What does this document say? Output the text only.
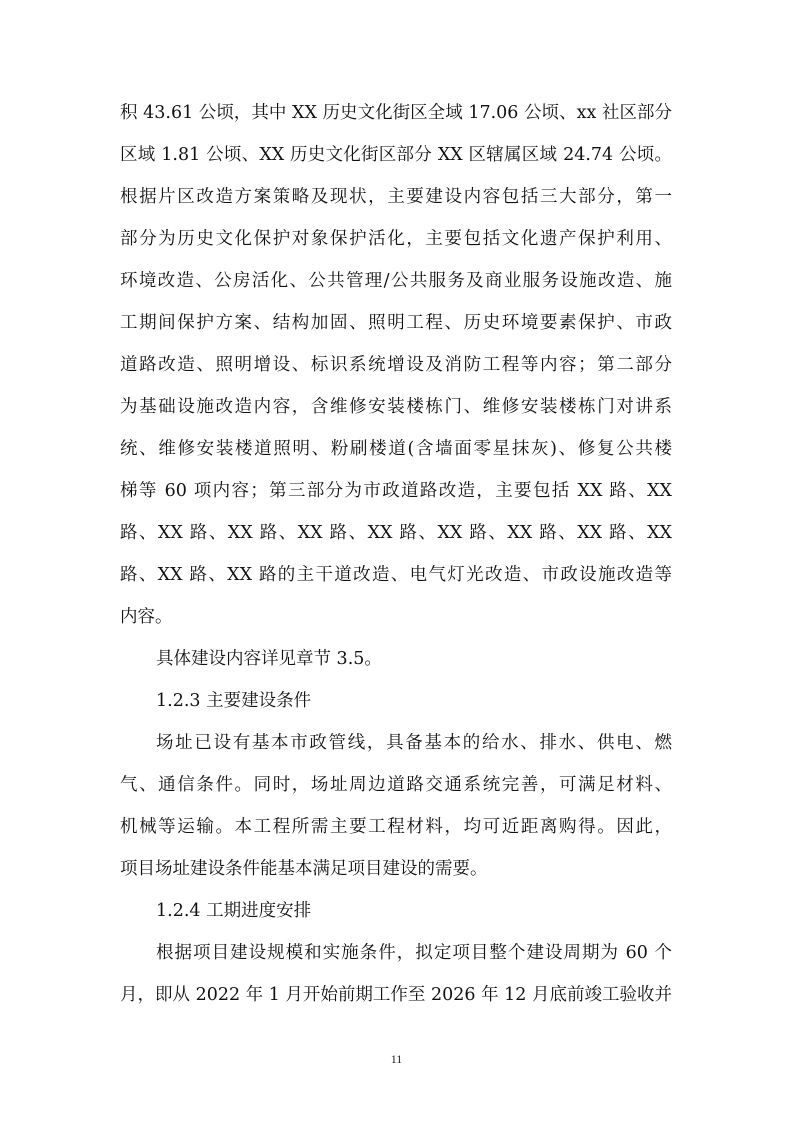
积 43.61 公顷，其中 XX 历史文化街区全域 17.06 公顷、xx 社区部分
区域 1.81 公顷、XX 历史文化街区部分 XX 区辖属区域 24.74 公顷。
根据片区改造方案策略及现状，主要建设内容包括三大部分，第一
部分为历史文化保护对象保护活化，主要包括文化遗产保护利用、
环境改造、公房活化、公共管理/公共服务及商业服务设施改造、施
工期间保护方案、结构加固、照明工程、历史环境要素保护、市政
道路改造、照明增设、标识系统增设及消防工程等内容；第二部分
为基础设施改造内容，含维修安装楼栋门、维修安装楼栋门对讲系
统、维修安装楼道照明、粉刷楼道(含墙面零星抹灰)、修复公共楼
梯等 60 项内容；第三部分为市政道路改造，主要包括 XX 路、XX
路、XX 路、XX 路、XX 路、XX 路、XX 路、XX 路、XX 路、XX
路、XX 路、XX 路的主干道改造、电气灯光改造、市政设施改造等
内容。

具体建设内容详见章节 3.5。

1.2.3 主要建设条件

场址已设有基本市政管线，具备基本的给水、排水、供电、燃
气、通信条件。同时，场址周边道路交通系统完善，可满足材料、
机械等运输。本工程所需主要工程材料，均可近距离购得。因此，
项目场址建设条件能基本满足项目建设的需要。

1.2.4 工期进度安排

根据项目建设规模和实施条件，拟定项目整个建设周期为 60 个
月，即从 2022 年 1 月开始前期工作至 2026 年 12 月底前竣工验收并

11
